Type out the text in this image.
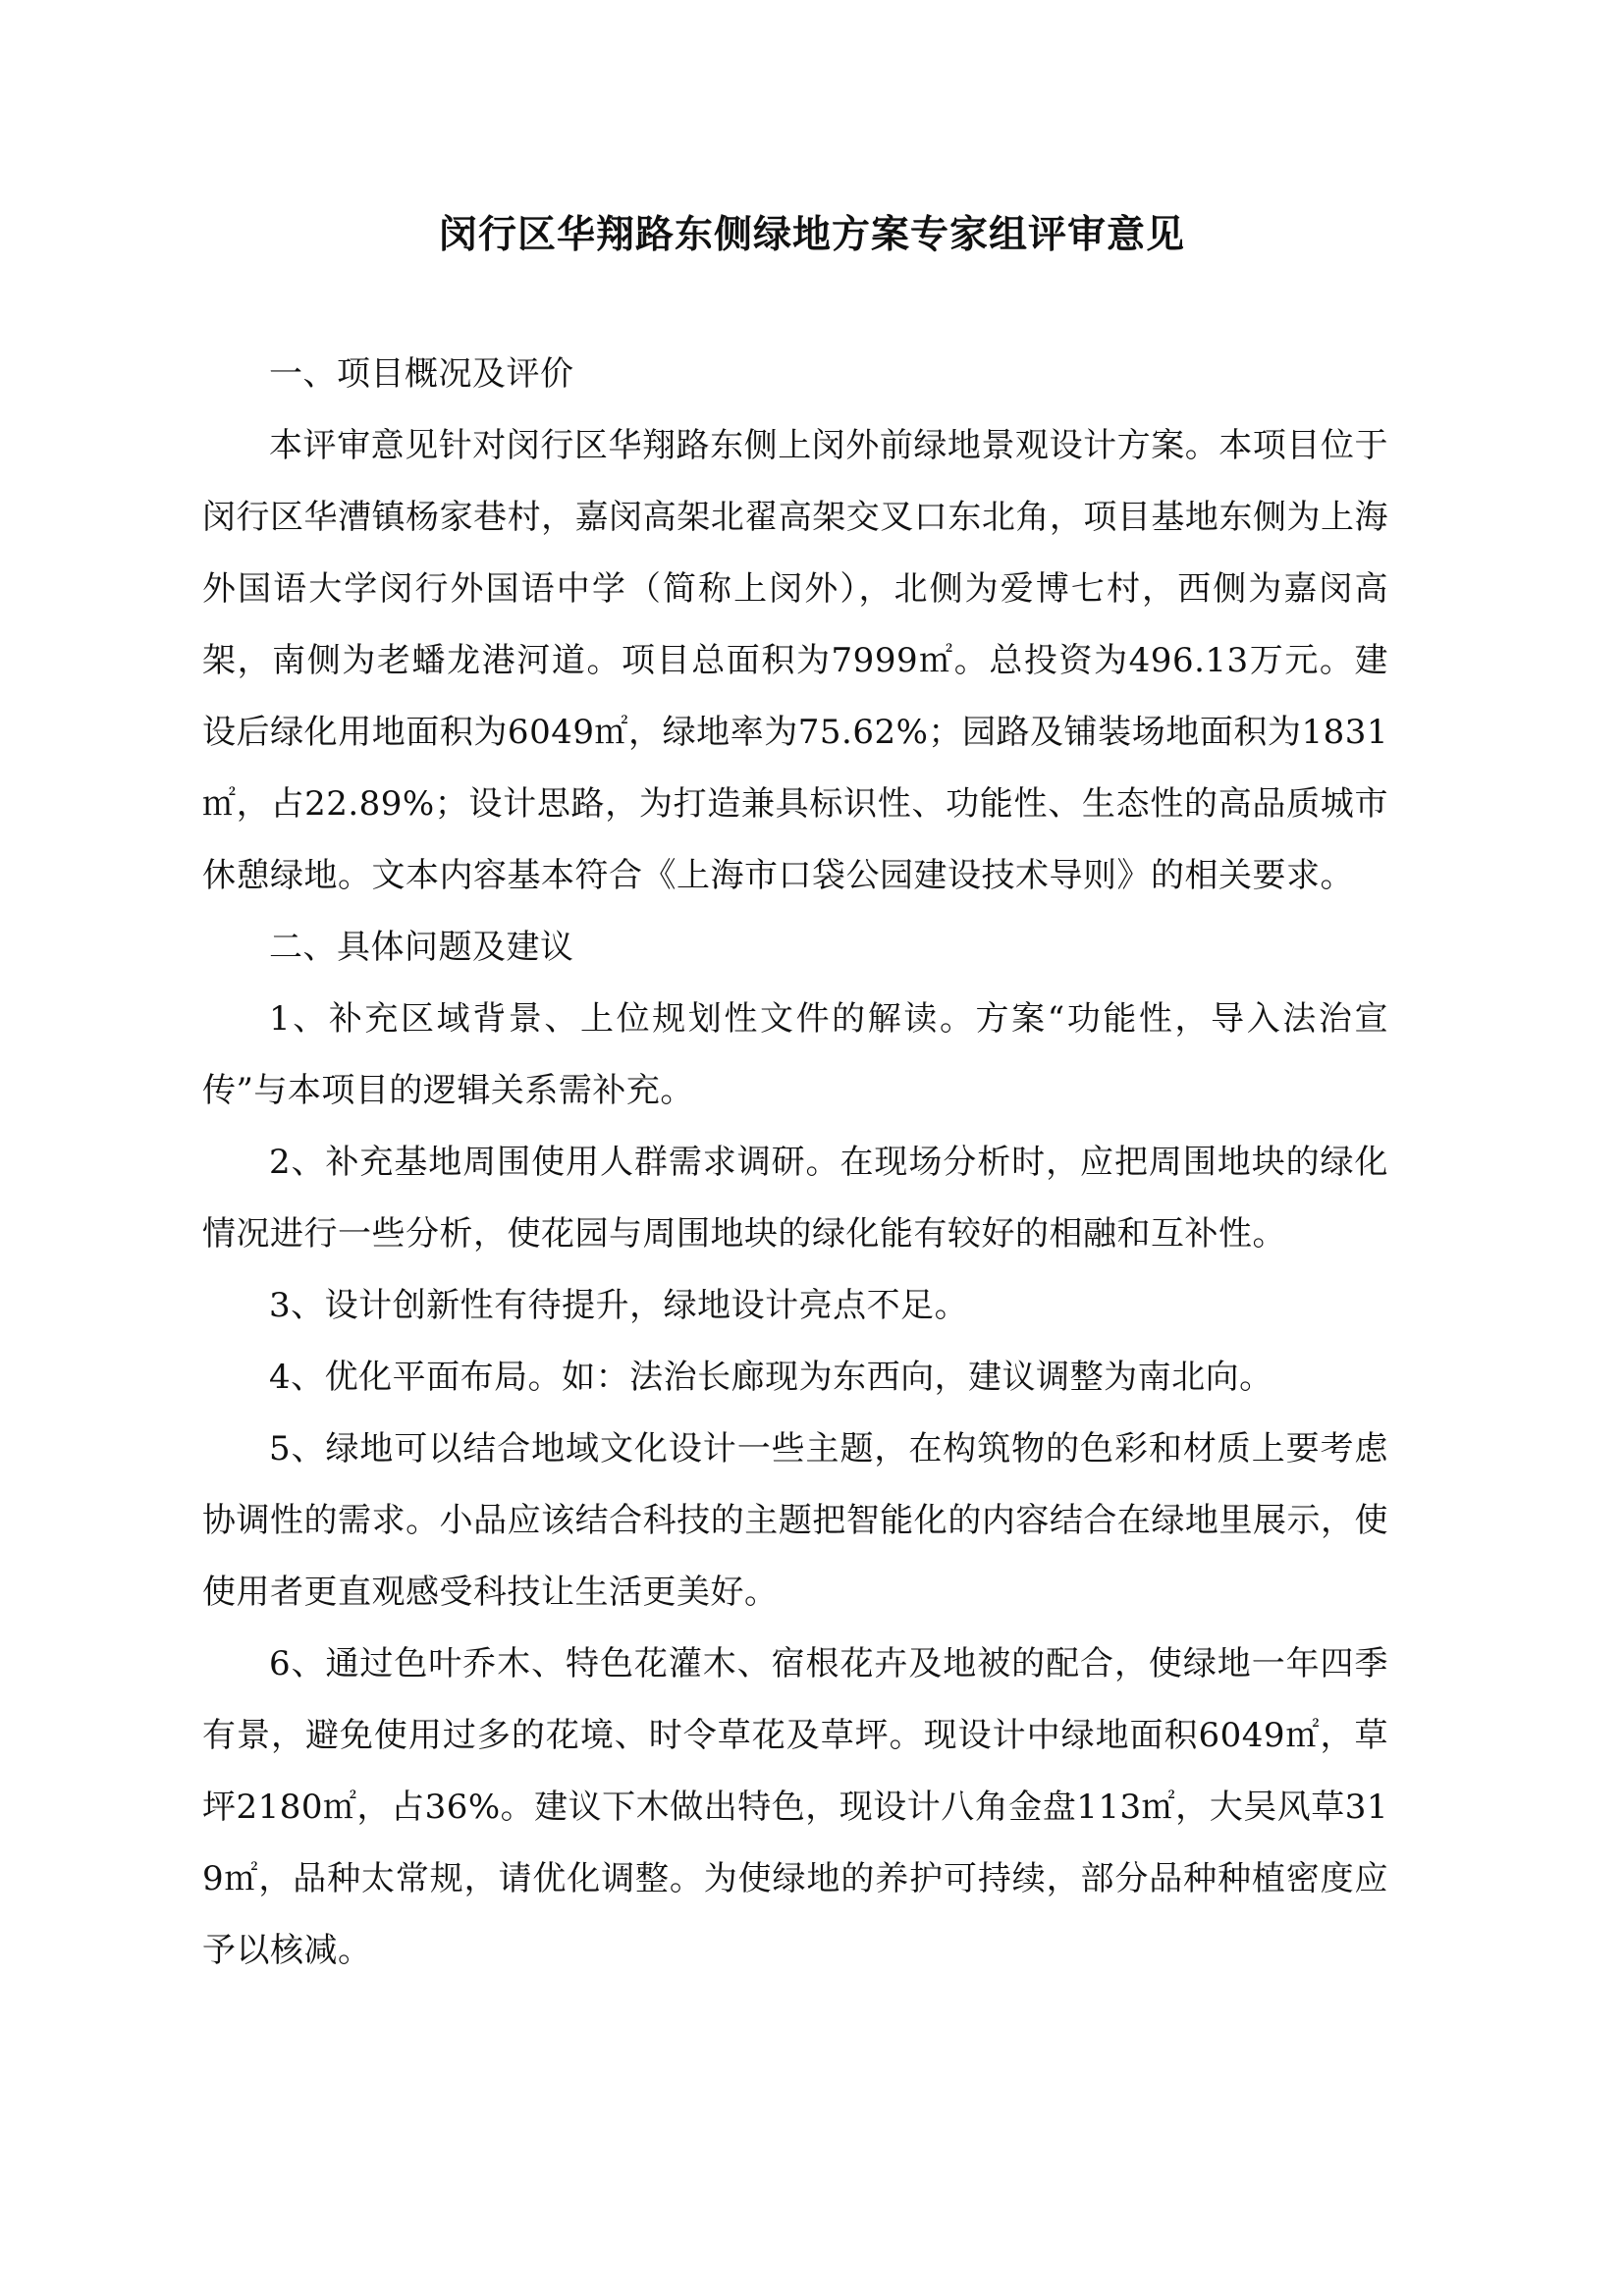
闵行区华翔路东侧绿地方案专家组评审意见

一、项目概况及评价

本评审意见针对闵行区华翔路东侧上闵外前绿地景观设计方案。本项目位于闵行区华漕镇杨家巷村，嘉闵高架北翟高架交叉口东北角，项目基地东侧为上海外国语大学闵行外国语中学（简称上闵外），北侧为爱博七村，西侧为嘉闵高架，南侧为老蟠龙港河道。项目总面积为7999㎡。总投资为496.13万元。建设后绿化用地面积为6049㎡，绿地率为75.62%；园路及铺装场地面积为1831㎡，占22.89%；设计思路，为打造兼具标识性、功能性、生态性的高品质城市休憩绿地。文本内容基本符合《上海市口袋公园建设技术导则》的相关要求。

二、具体问题及建议

1、补充区域背景、上位规划性文件的解读。方案“功能性，导入法治宣传”与本项目的逻辑关系需补充。

2、补充基地周围使用人群需求调研。在现场分析时，应把周围地块的绿化情况进行一些分析，使花园与周围地块的绿化能有较好的相融和互补性。

3、设计创新性有待提升，绿地设计亮点不足。

4、优化平面布局。如：法治长廊现为东西向，建议调整为南北向。

5、绿地可以结合地域文化设计一些主题，在构筑物的色彩和材质上要考虑协调性的需求。小品应该结合科技的主题把智能化的内容结合在绿地里展示，使使用者更直观感受科技让生活更美好。

6、通过色叶乔木、特色花灌木、宿根花卉及地被的配合，使绿地一年四季有景，避免使用过多的花境、时令草花及草坪。现设计中绿地面积6049㎡，草坪2180㎡，占36%。建议下木做出特色，现设计八角金盘113㎡，大吴风草319㎡，品种太常规，请优化调整。为使绿地的养护可持续，部分品种种植密度应予以核减。
